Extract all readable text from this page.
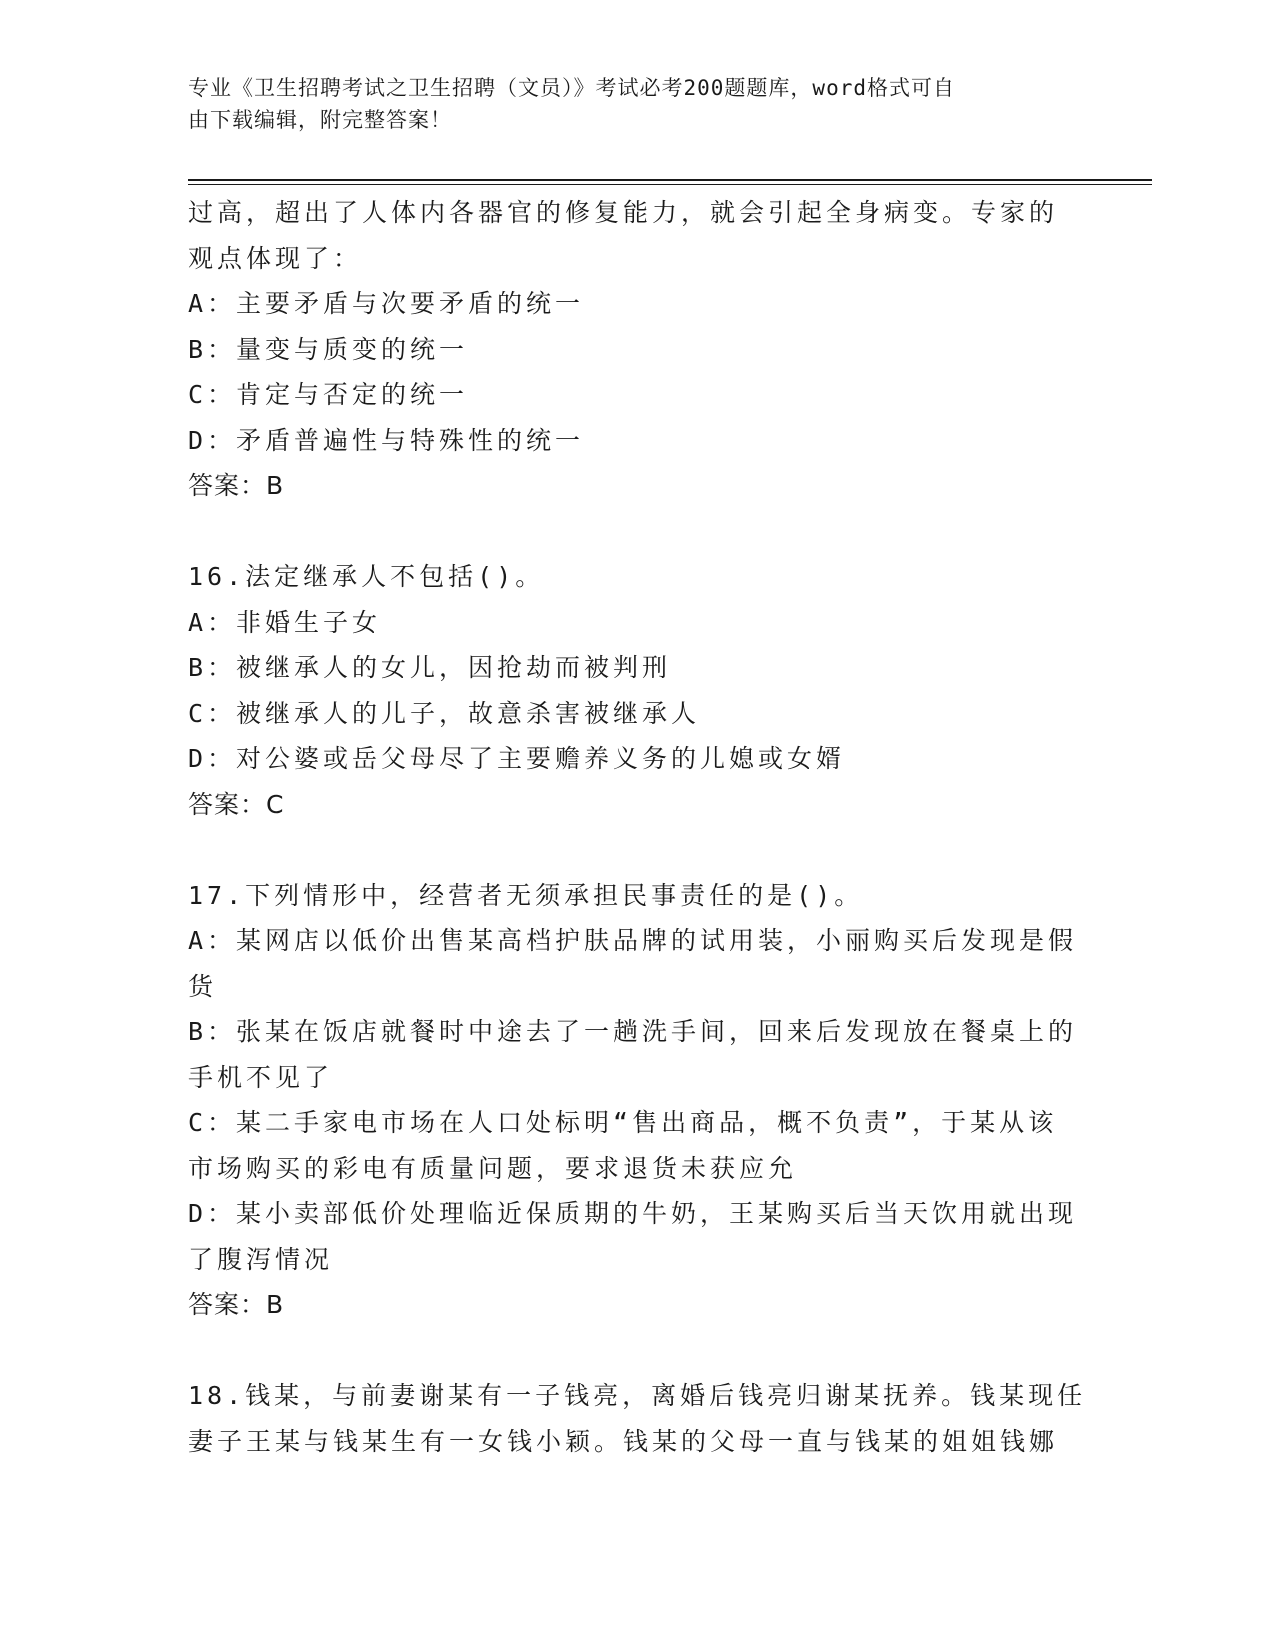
专业《卫生招聘考试之卫生招聘（文员）》考试必考200题题库，word格式可自
由下载编辑，附完整答案！
过高，超出了人体内各器官的修复能力，就会引起全身病变。专家的
观点体现了：
A：主要矛盾与次要矛盾的统一
B：量变与质变的统一
C：肯定与否定的统一
D：矛盾普遍性与特殊性的统一
答案：B
16.法定继承人不包括()。
A：非婚生子女
B：被继承人的女儿，因抢劫而被判刑
C：被继承人的儿子，故意杀害被继承人
D：对公婆或岳父母尽了主要赡养义务的儿媳或女婿
答案：C
17.下列情形中，经营者无须承担民事责任的是()。
A：某网店以低价出售某高档护肤品牌的试用装，小丽购买后发现是假
货
B：张某在饭店就餐时中途去了一趟洗手间，回来后发现放在餐桌上的
手机不见了
C：某二手家电市场在人口处标明“售出商品，概不负责”，于某从该
市场购买的彩电有质量问题，要求退货未获应允
D：某小卖部低价处理临近保质期的牛奶，王某购买后当天饮用就出现
了腹泻情况
答案：B
18.钱某，与前妻谢某有一子钱亮，离婚后钱亮归谢某抚养。钱某现任
妻子王某与钱某生有一女钱小颖。钱某的父母一直与钱某的姐姐钱娜
